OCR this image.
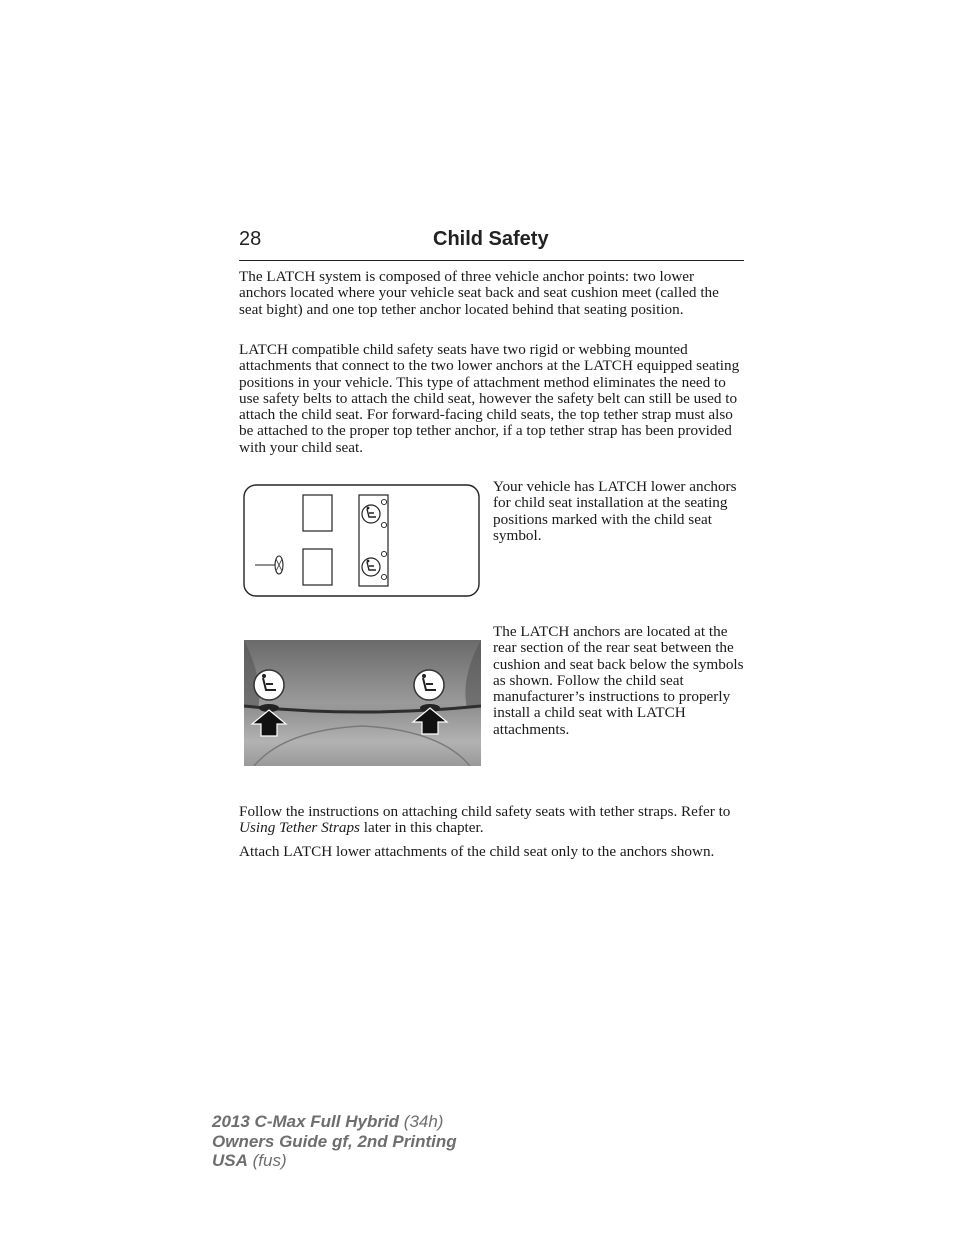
28	Child Safety

The LATCH system is composed of three vehicle anchor points: two lower anchors located where your vehicle seat back and seat cushion meet (called the seat bight) and one top tether anchor located behind that seating position.

LATCH compatible child safety seats have two rigid or webbing mounted attachments that connect to the two lower anchors at the LATCH equipped seating positions in your vehicle. This type of attachment method eliminates the need to use safety belts to attach the child seat, however the safety belt can still be used to attach the child seat. For forward-facing child seats, the top tether strap must also be attached to the proper top tether anchor, if a top tether strap has been provided with your child seat.

Your vehicle has LATCH lower anchors for child seat installation at the seating positions marked with the child seat symbol.

The LATCH anchors are located at the rear section of the rear seat between the cushion and seat back below the symbols as shown. Follow the child seat manufacturer’s instructions to properly install a child seat with LATCH attachments.

Follow the instructions on attaching child safety seats with tether straps. Refer to Using Tether Straps later in this chapter.

Attach LATCH lower attachments of the child seat only to the anchors shown.

2013 C-Max Full Hybrid (34h)
Owners Guide gf, 2nd Printing
USA (fus)
